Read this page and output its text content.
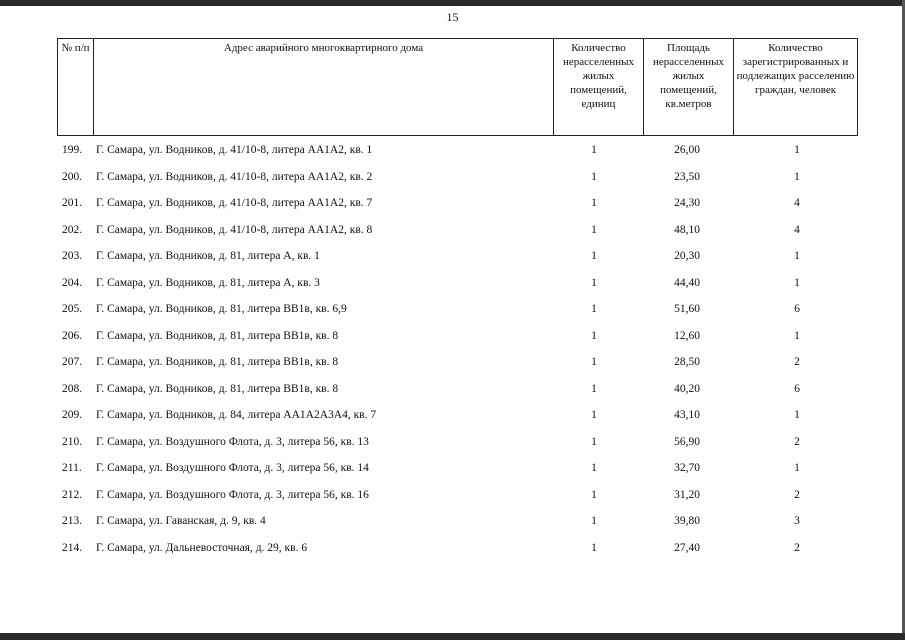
15
№ п/п	Адрес аварийного многоквартирного дома	Количество нерасселенных жилых помещений, единиц	Площадь нерасселенных жилых помещений, кв.метров	Количество зарегистрированных и подлежащих расселению граждан, человек
199. Г. Самара, ул. Водников, д. 41/10-8, литера АА1А2, кв. 1	1	26,00	1
200. Г. Самара, ул. Водников, д. 41/10-8, литера АА1А2, кв. 2	1	23,50	1
201. Г. Самара, ул. Водников, д. 41/10-8, литера АА1А2, кв. 7	1	24,30	4
202. Г. Самара, ул. Водников, д. 41/10-8, литера АА1А2, кв. 8	1	48,10	4
203. Г. Самара, ул. Водников, д. 81, литера А, кв. 1	1	20,30	1
204. Г. Самара, ул. Водников, д. 81, литера А, кв. 3	1	44,40	1
205. Г. Самара, ул. Водников, д. 81, литера ВВ1в, кв. 6,9	1	51,60	6
206. Г. Самара, ул. Водников, д. 81, литера ВВ1в, кв. 8	1	12,60	1
207. Г. Самара, ул. Водников, д. 81, литера ВВ1в, кв. 8	1	28,50	2
208. Г. Самара, ул. Водников, д. 81, литера ВВ1в, кв. 8	1	40,20	6
209. Г. Самара, ул. Водников, д. 84, литера АА1А2А3А4, кв. 7	1	43,10	1
210. Г. Самара, ул. Воздушного Флота, д. 3, литера 56, кв. 13	1	56,90	2
211. Г. Самара, ул. Воздушного Флота, д. 3, литера 56, кв. 14	1	32,70	1
212. Г. Самара, ул. Воздушного Флота, д. 3, литера 56, кв. 16	1	31,20	2
213. Г. Самара, ул. Гаванская, д. 9, кв. 4	1	39,80	3
214. Г. Самара, ул. Дальневосточная, д. 29, кв. 6	1	27,40	2
